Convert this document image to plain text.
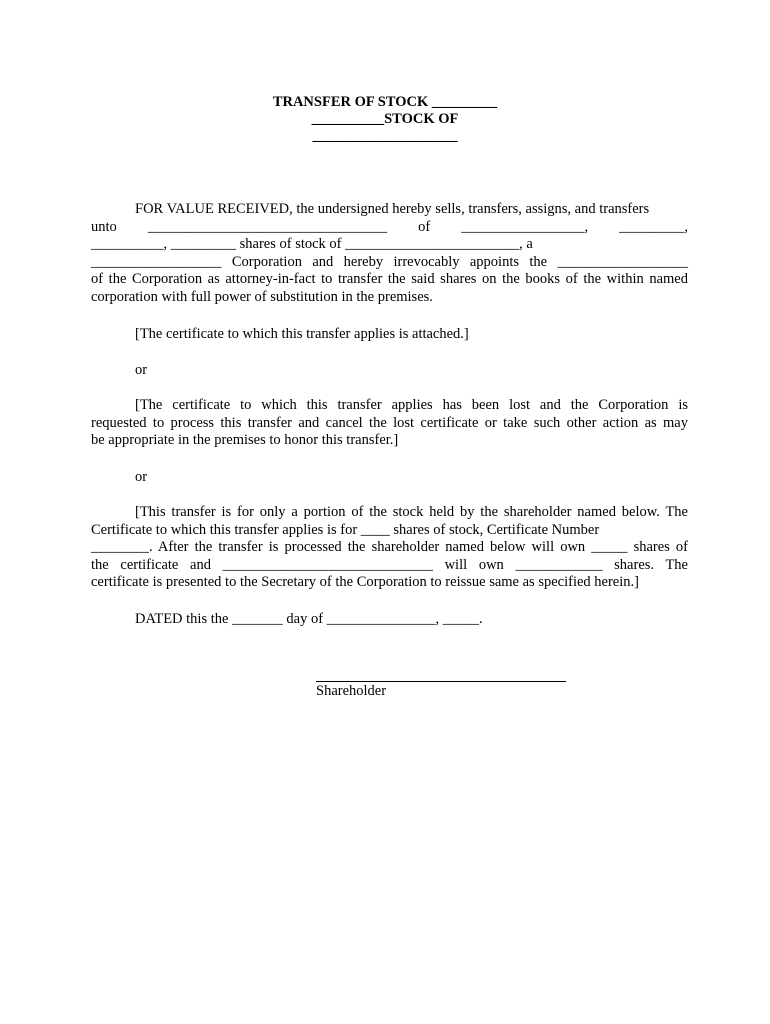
TRANSFER OF STOCK _________
__________STOCK OF
____________________
FOR VALUE RECEIVED, the undersigned hereby sells, transfers, assigns, and transfers
unto _________________________________ of _________________, _________,
__________, _________ shares of stock of ________________________, a
__________________ Corporation and hereby irrevocably appoints the __________________
of the Corporation as attorney-in-fact to transfer the said shares on the books of the within named
corporation with full power of substitution in the premises.
[The certificate to which this transfer applies is attached.]
or
[The certificate to which this transfer applies has been lost and the Corporation is
requested to process this transfer and cancel the lost certificate or take such other action as may
be appropriate in the premises to honor this transfer.]
or
[This transfer is for only a portion of the stock held by the shareholder named below. The
Certificate to which this transfer applies is for ____ shares of stock, Certificate Number
________. After the transfer is processed the shareholder named below will own _____ shares of
the certificate and _____________________________ will own ____________ shares. The
certificate is presented to the Secretary of the Corporation to reissue same as specified herein.]
DATED this the _______ day of _______________, _____.
Shareholder
